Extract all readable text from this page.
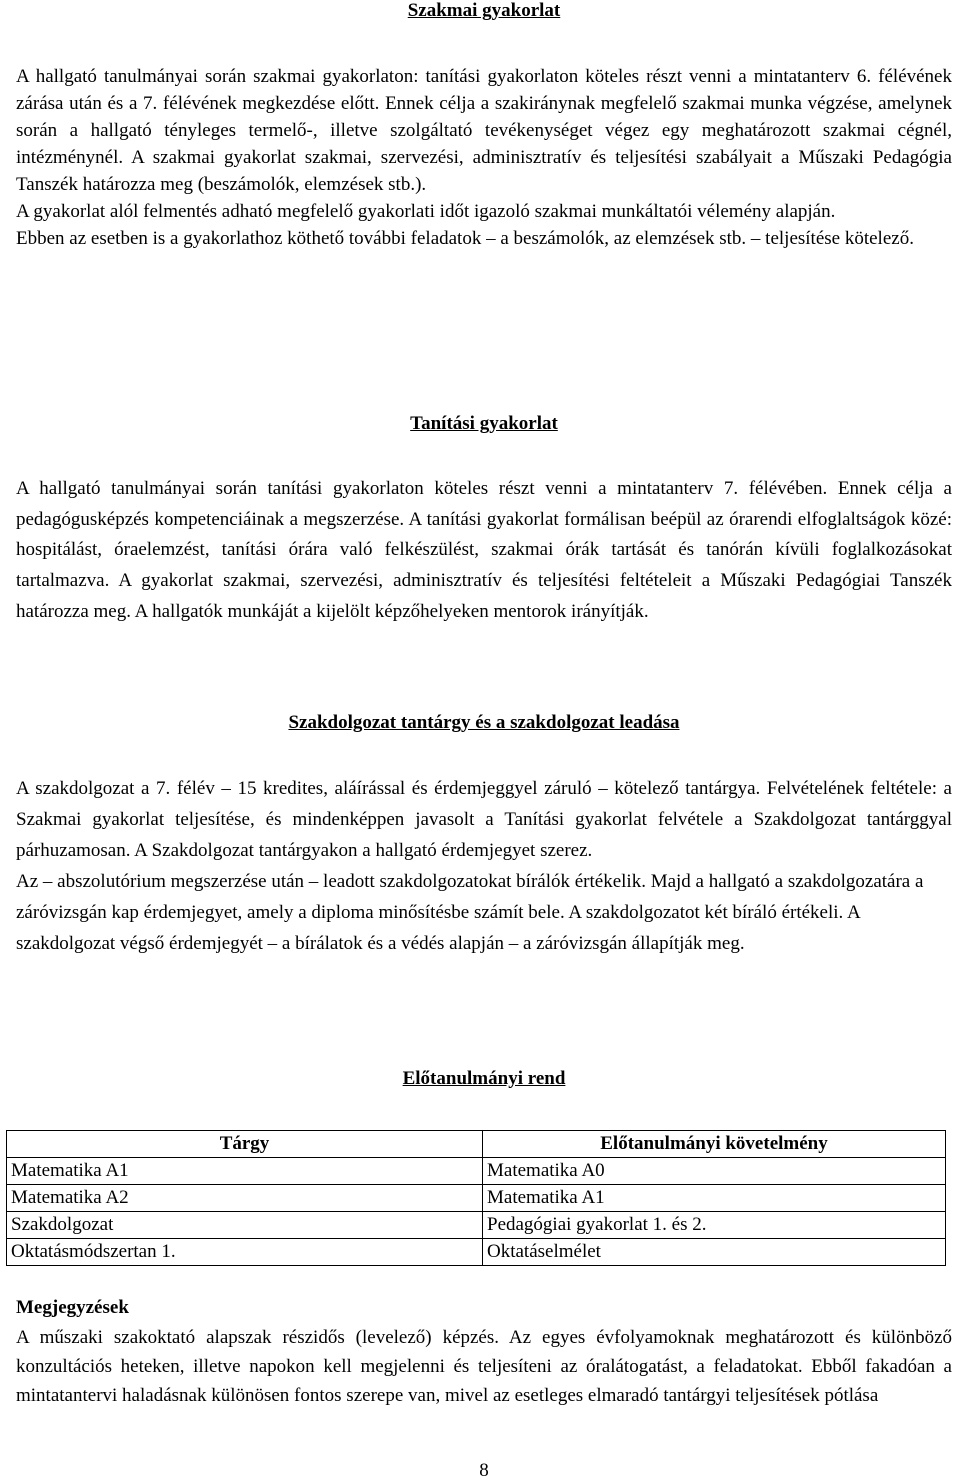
Szakmai gyakorlat

A hallgató tanulmányai során szakmai gyakorlaton: tanítási gyakorlaton köteles részt venni a mintatanterv 6. félévének zárása után és a 7. félévének megkezdése előtt. Ennek célja a szakiránynak megfelelő szakmai munka végzése, amelynek során a hallgató tényleges termelő-, illetve szolgáltató tevékenységet végez egy meghatározott szakmai cégnél, intézménynél. A szakmai gyakorlat szakmai, szervezési, adminisztratív és teljesítési szabályait a Műszaki Pedagógia Tanszék határozza meg (beszámolók, elemzések stb.).

A gyakorlat alól felmentés adható megfelelő gyakorlati időt igazoló szakmai munkáltatói vélemény alapján.

Ebben az esetben is a gyakorlathoz köthető további feladatok – a beszámolók, az elemzések stb. – teljesítése kötelező.

Tanítási gyakorlat

A hallgató tanulmányai során tanítási gyakorlaton köteles részt venni a mintatanterv 7. félévében. Ennek célja a pedagógusképzés kompetenciáinak a megszerzése. A tanítási gyakorlat formálisan beépül az órarendi elfoglaltságok közé: hospitálást, óraelemzést, tanítási órára való felkészülést, szakmai órák tartását és tanórán kívüli foglalkozásokat tartalmazva. A gyakorlat szakmai, szervezési, adminisztratív és teljesítési feltételeit a Műszaki Pedagógiai Tanszék határozza meg. A hallgatók munkáját a kijelölt képzőhelyeken mentorok irányítják.

Szakdolgozat tantárgy és a szakdolgozat leadása

A szakdolgozat a 7. félév – 15 kredites, aláírással és érdemjeggyel záruló – kötelező tantárgya. Felvételének feltétele: a Szakmai gyakorlat teljesítése, és mindenképpen javasolt a Tanítási gyakorlat felvétele a Szakdolgozat tantárggyal párhuzamosan. A Szakdolgozat tantárgyakon a hallgató érdemjegyet szerez.

Az – abszolutórium megszerzése után – leadott szakdolgozatokat bírálók értékelik. Majd a hallgató a szakdolgozatára a záróvizsgán kap érdemjegyet, amely a diploma minősítésbe számít bele. A szakdolgozatot két bíráló értékeli. A szakdolgozat végső érdemjegyét – a bírálatok és a védés alapján – a záróvizsgán állapítják meg.

Előtanulmányi rend
Tárgy	Előtanulmányi követelmény
Matematika A1	Matematika A0
Matematika A2	Matematika A1
Szakdolgozat	Pedagógiai gyakorlat 1. és 2.
Oktatásmódszertan 1.	Oktatáselmélet
Megjegyzések

A műszaki szakoktató alapszak részidős (levelező) képzés. Az egyes évfolyamoknak meghatározott és különböző konzultációs heteken, illetve napokon kell megjelenni és teljesíteni az óralátogatást, a feladatokat. Ebből fakadóan a mintatantervi haladásnak különösen fontos szerepe van, mivel az esetleges elmaradó tantárgyi teljesítések pótlása

8
